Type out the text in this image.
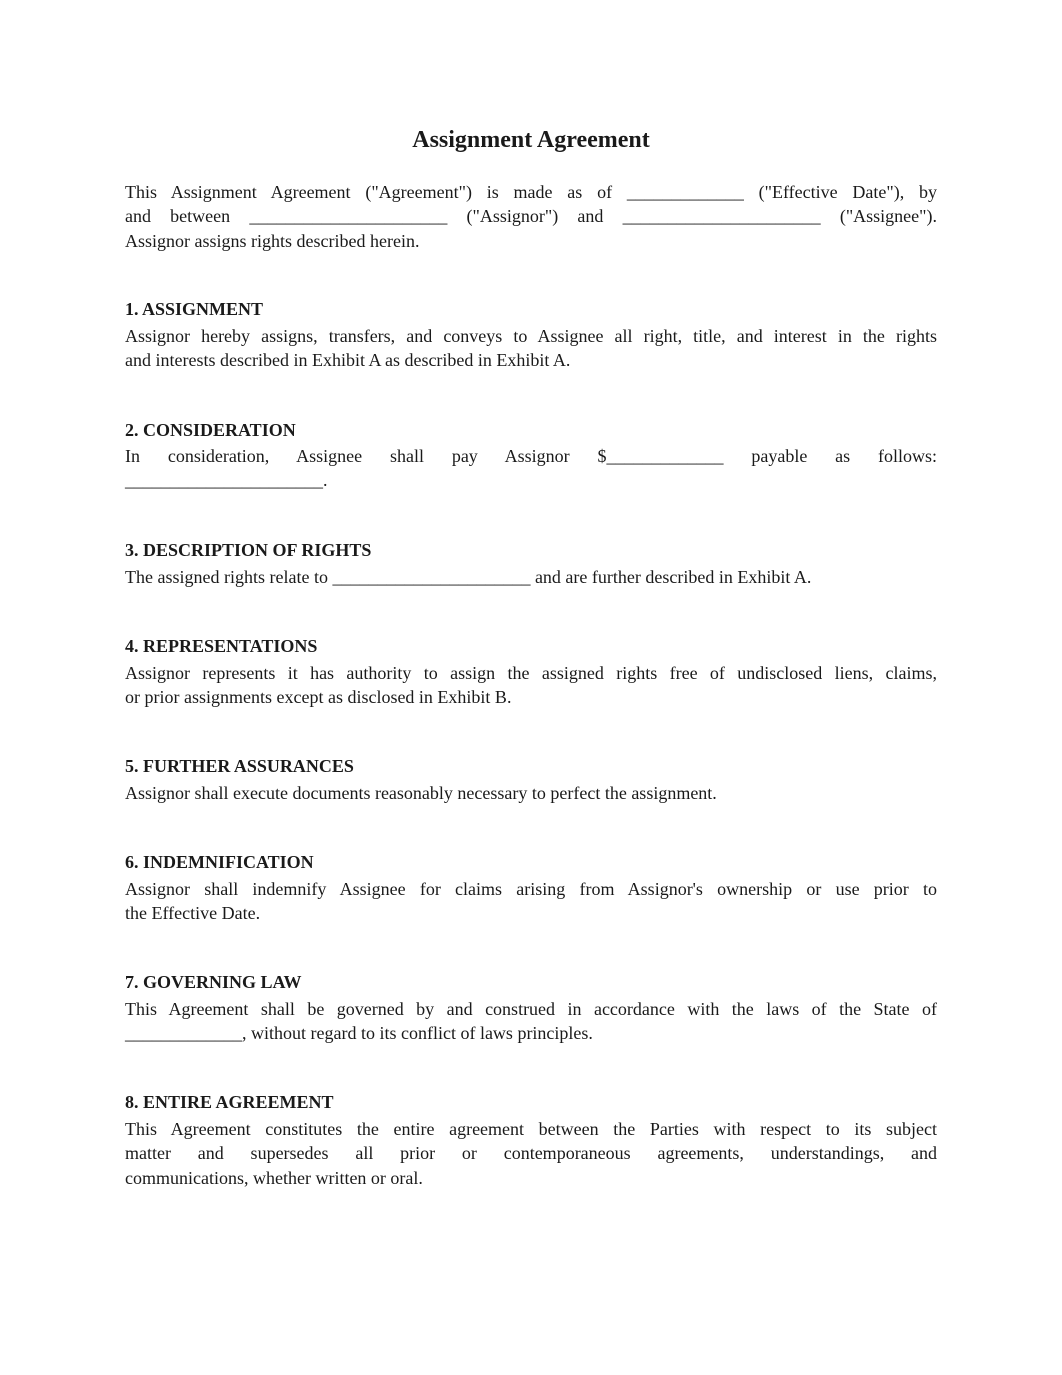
Assignment Agreement
This Assignment Agreement ("Agreement") is made as of _____________ ("Effective Date"), by
and between ______________________ ("Assignor") and ______________________ ("Assignee").
Assignor assigns rights described herein.
1. ASSIGNMENT
Assignor hereby assigns, transfers, and conveys to Assignee all right, title, and interest in the rights
and interests described in Exhibit A as described in Exhibit A.
2. CONSIDERATION
In consideration, Assignee shall pay Assignor $_____________ payable as follows:
______________________.
3. DESCRIPTION OF RIGHTS
The assigned rights relate to ______________________ and are further described in Exhibit A.
4. REPRESENTATIONS
Assignor represents it has authority to assign the assigned rights free of undisclosed liens, claims,
or prior assignments except as disclosed in Exhibit B.
5. FURTHER ASSURANCES
Assignor shall execute documents reasonably necessary to perfect the assignment.
6. INDEMNIFICATION
Assignor shall indemnify Assignee for claims arising from Assignor's ownership or use prior to
the Effective Date.
7. GOVERNING LAW
This Agreement shall be governed by and construed in accordance with the laws of the State of
_____________, without regard to its conflict of laws principles.
8. ENTIRE AGREEMENT
This Agreement constitutes the entire agreement between the Parties with respect to its subject
matter and supersedes all prior or contemporaneous agreements, understandings, and
communications, whether written or oral.
